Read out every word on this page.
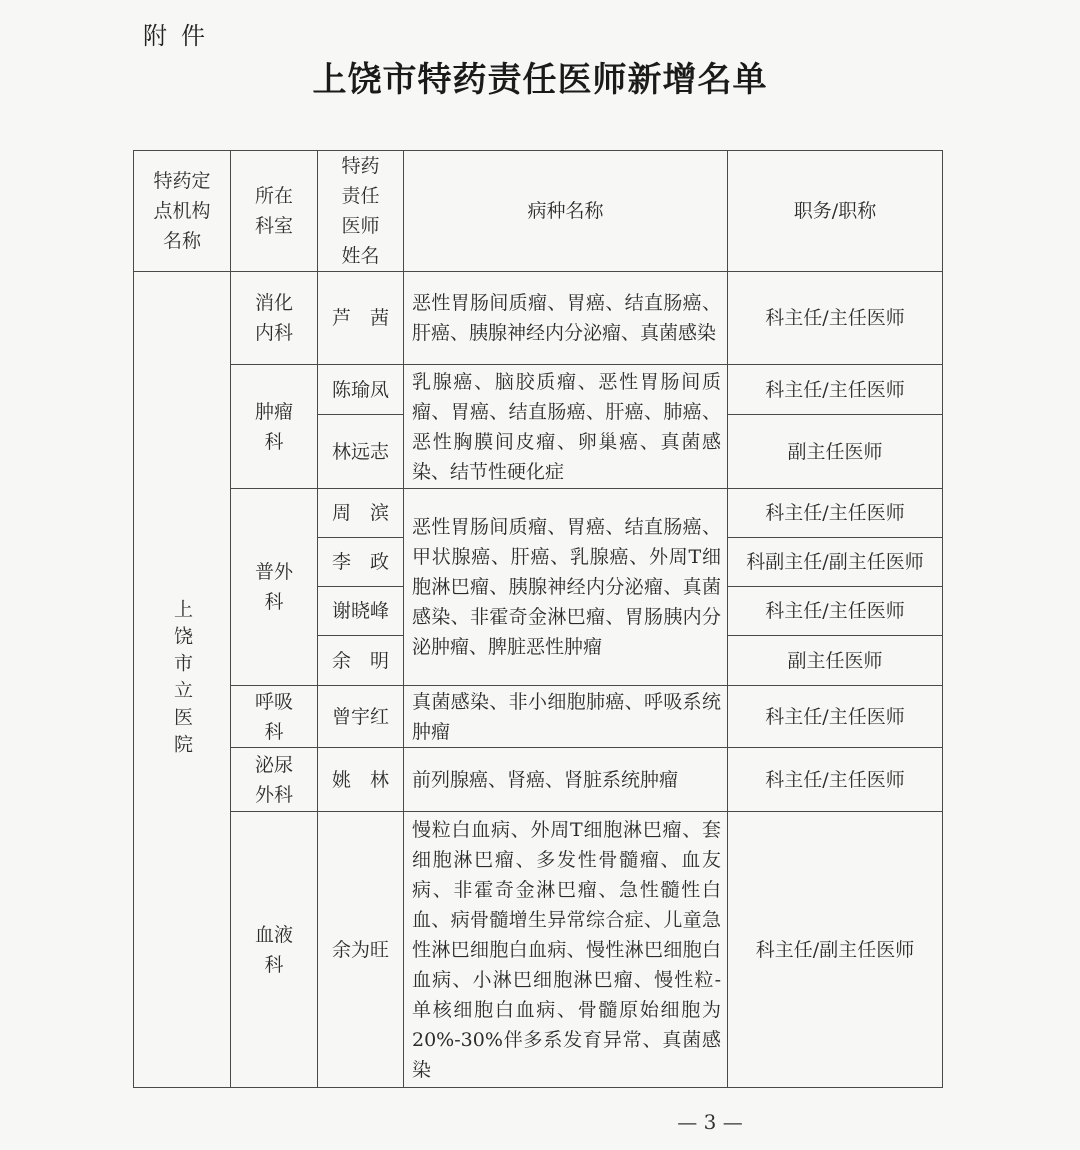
附件
上饶市特药责任医师新增名单
特药定点机构名称	所在科室	特药责任医师姓名	病种名称	职务/职称

上饶市立医院	消化内科	芦　茜	恶性胃肠间质瘤、胃癌、结直肠癌、肝癌、胰腺神经内分泌瘤、真菌感染	科主任/主任医师
	肿瘤科	陈瑜凤	乳腺癌、脑胶质瘤、恶性胃肠间质瘤、胃癌、结直肠癌、肝癌、肺癌、恶性胸膜间皮瘤、卵巢癌、真菌感染、结节性硬化症	科主任/主任医师
		林远志		副主任医师
	普外科	周　滨	恶性胃肠间质瘤、胃癌、结直肠癌、甲状腺癌、肝癌、乳腺癌、外周T细胞淋巴瘤、胰腺神经内分泌瘤、真菌感染、非霍奇金淋巴瘤、胃肠胰内分泌肿瘤、脾脏恶性肿瘤	科主任/主任医师
		李　政		科副主任/副主任医师
		谢晓峰		科主任/主任医师
		余　明		副主任医师
	呼吸科	曾宇红	真菌感染、非小细胞肺癌、呼吸系统肿瘤	科主任/主任医师
	泌尿外科	姚　林	前列腺癌、肾癌、肾脏系统肿瘤	科主任/主任医师
	血液科	余为旺	慢粒白血病、外周T细胞淋巴瘤、套细胞淋巴瘤、多发性骨髓瘤、血友病、非霍奇金淋巴瘤、急性髓性白血、病骨髓增生异常综合症、儿童急性淋巴细胞白血病、慢性淋巴细胞白血病、小淋巴细胞淋巴瘤、慢性粒-单核细胞白血病、骨髓原始细胞为 20%-30%伴多系发育异常、真菌感染	科主任/副主任医师
— 3 —
